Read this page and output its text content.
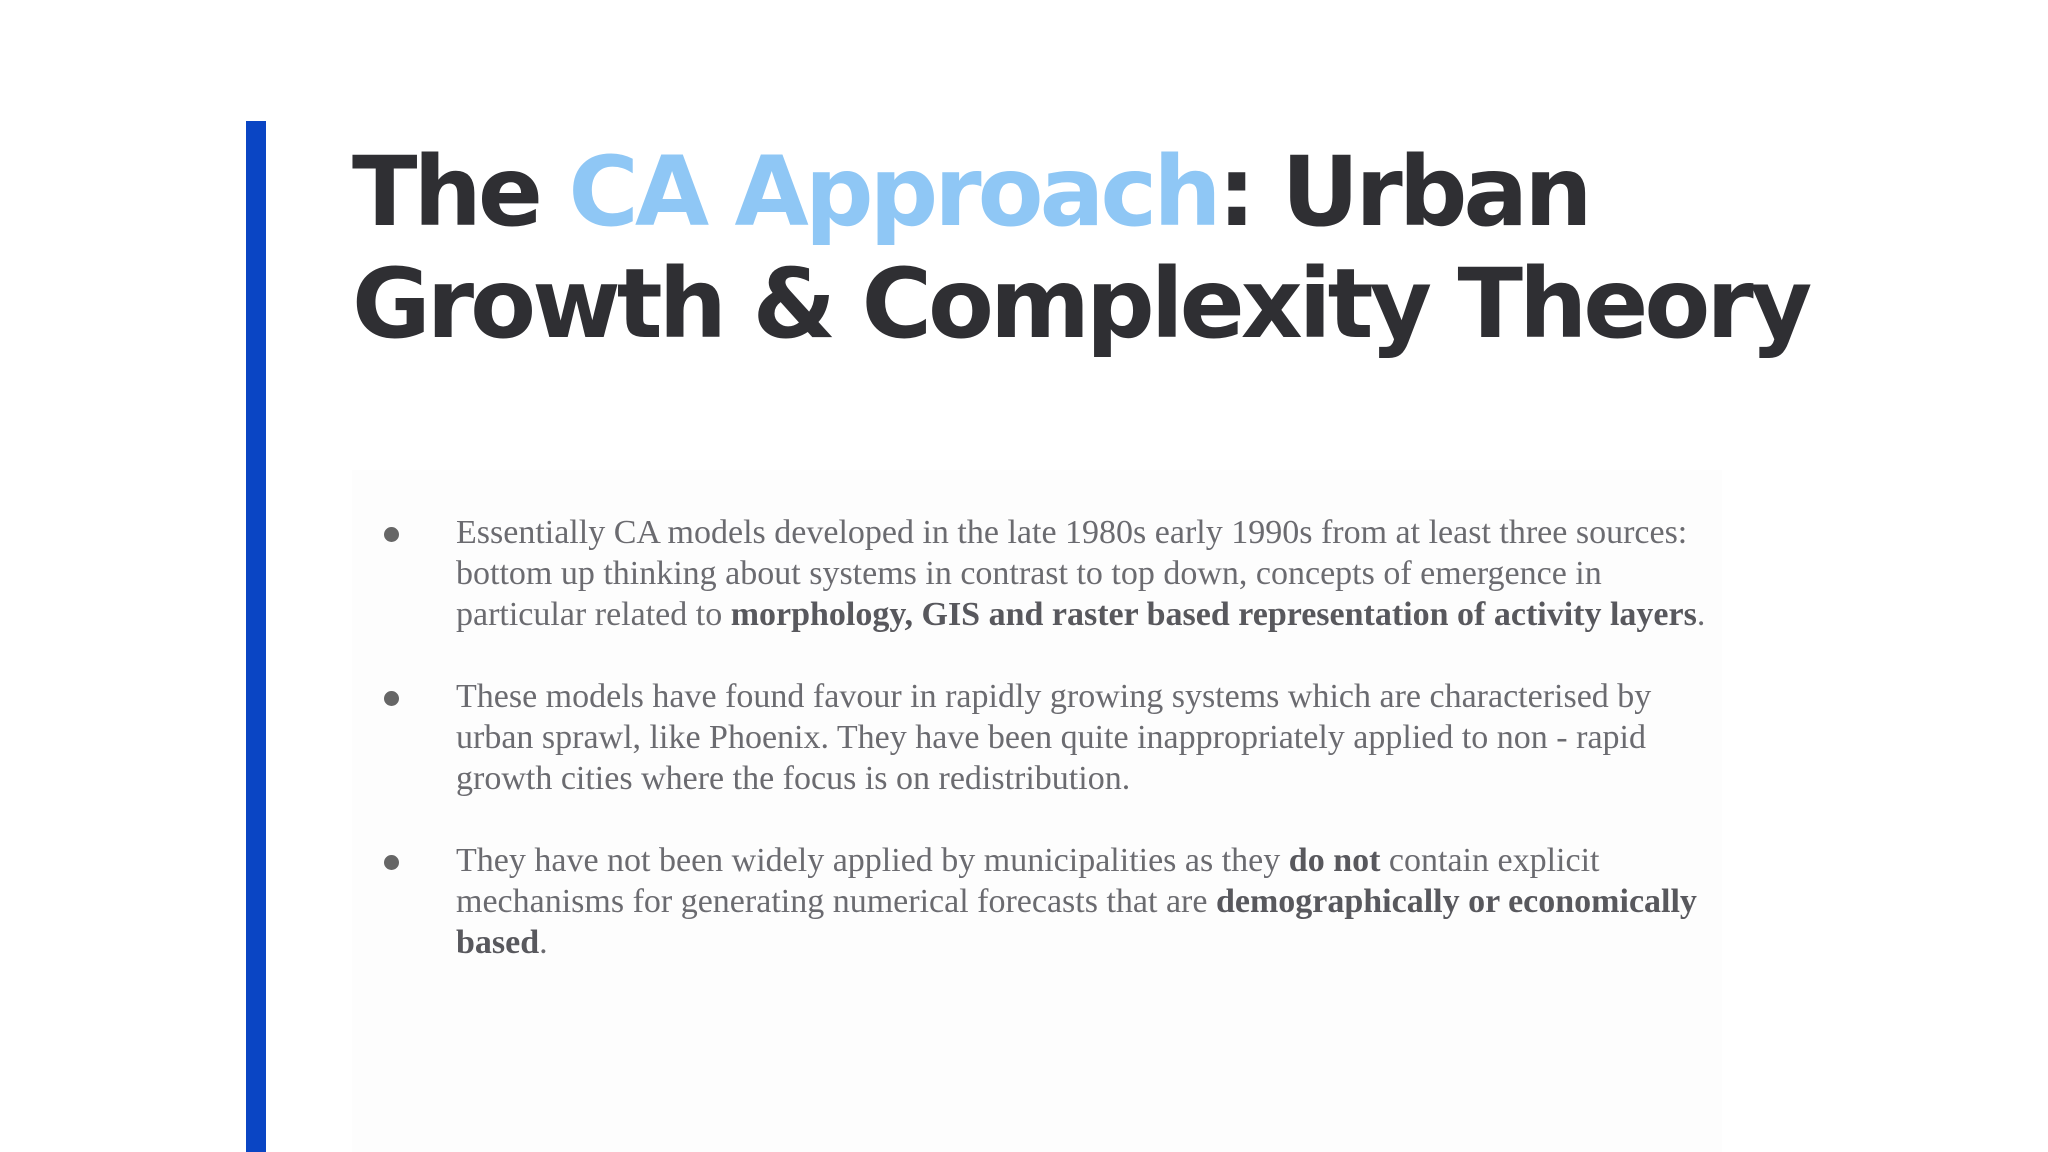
The CA Approach: Urban Growth & Complexity Theory
Essentially CA models developed in the late 1980s early 1990s from at least three sources: bottom up thinking about systems in contrast to top down, concepts of emergence in particular related to morphology, GIS and raster based representation of activity layers.
These models have found favour in rapidly growing systems which are characterised by urban sprawl, like Phoenix. They have been quite inappropriately applied to non - rapid growth cities where the focus is on redistribution.
They have not been widely applied by municipalities as they do not contain explicit mechanisms for generating numerical forecasts that are demographically or economically based.
